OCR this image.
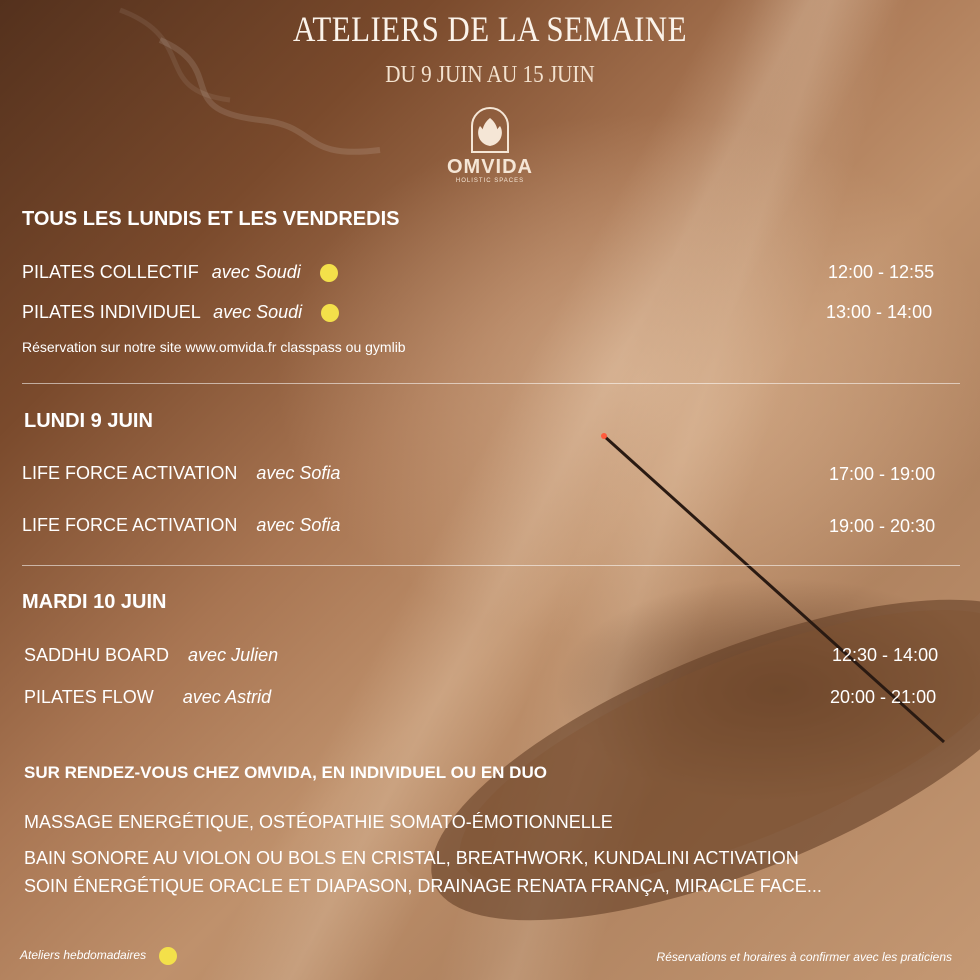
ATELIERS DE LA SEMAINE
DU 9 JUIN AU 15 JUIN
OMVIDA
HOLISTIC SPACES
TOUS LES LUNDIS ET LES VENDREDIS
PILATES COLLECTIF avec Soudi	12:00 - 12:55
PILATES INDIVIDUEL avec Soudi	13:00 - 14:00
Réservation sur notre site www.omvida.fr classpass ou gymlib
LUNDI 9 JUIN
LIFE FORCE ACTIVATION avec Sofia	17:00 - 19:00
LIFE FORCE ACTIVATION avec Sofia	19:00 - 20:30
MARDI 10 JUIN
SADDHU BOARD avec Julien	12:30 - 14:00
PILATES FLOW avec Astrid	20:00 - 21:00
SUR RENDEZ-VOUS CHEZ OMVIDA, EN INDIVIDUEL OU EN DUO
MASSAGE ENERGÉTIQUE, OSTÉOPATHIE SOMATO-ÉMOTIONNELLE
BAIN SONORE AU VIOLON OU BOLS EN CRISTAL, BREATHWORK, KUNDALINI ACTIVATION
SOIN ÉNERGÉTIQUE ORACLE ET DIAPASON, DRAINAGE RENATA FRANÇA, MIRACLE FACE...
Ateliers hebdomadaires	Réservations et horaires à confirmer avec les praticiens
